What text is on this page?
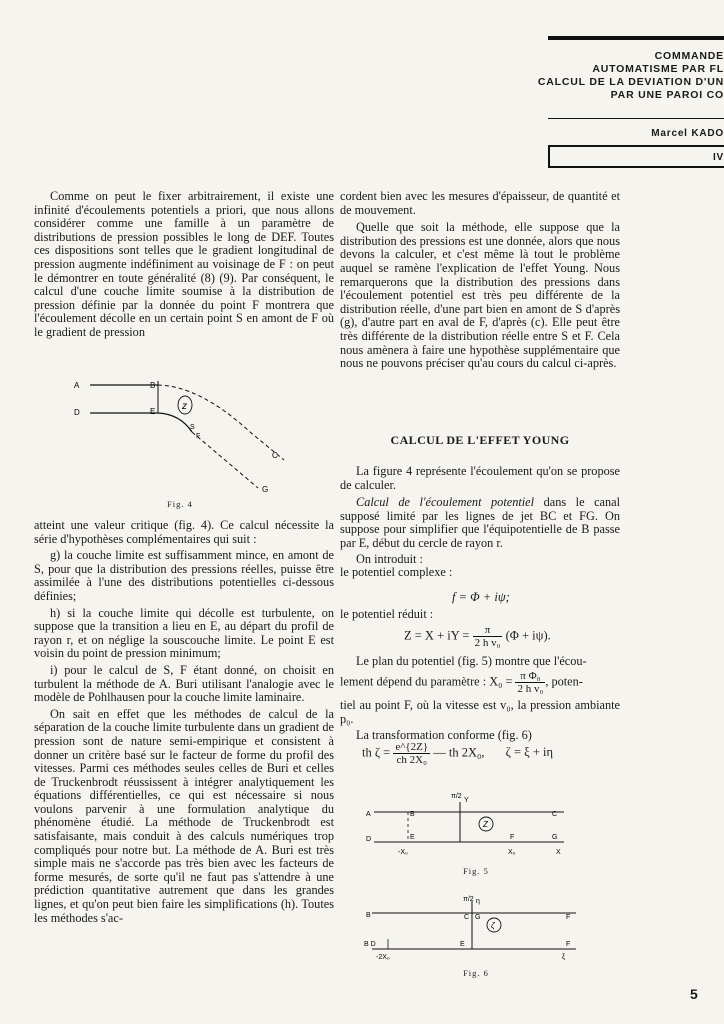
COMMANDE
AUTOMATISME PAR FL
CALCUL DE LA DEVIATION D'UN
PAR UNE PAROI CO
Marcel KADO
IV

Comme on peut le fixer arbitrairement, il existe une infinité d'écoulements potentiels a priori, que nous allons considérer comme une famille à un paramètre de distributions de pression possibles le long de DEF. Toutes ces dispositions sont telles que le gradient longitudinal de pression augmente indéfiniment au voisinage de F : on peut le démontrer en toute généralité (8) (9). Par conséquent, le calcul d'une couche limite soumise à la distribution de pression définie par la donnée du point F montrera que l'écoulement décolle en un certain point S en amont de F où le gradient de pression

A	B
D	E
S
F
C
G
z
Fig. 4

atteint une valeur critique (fig. 4). Ce calcul nécessite la série d'hypothèses complémentaires qui suit :

g) la couche limite est suffisamment mince, en amont de S, pour que la distribution des pressions réelles, puisse être assimilée à l'une des distributions potentielles ci-dessous définies;

h) si la couche limite qui décolle est turbulente, on suppose que la transition a lieu en E, au départ du profil de rayon r, et on néglige la souscouche limite. Le point E est voisin du point de pression minimum;

i) pour le calcul de S, F étant donné, on choisit en turbulent la méthode de A. Buri utilisant l'analogie avec le modèle de Pohlhausen pour la couche limite laminaire.

On sait en effet que les méthodes de calcul de la séparation de la couche limite turbulente dans un gradient de pression sont de nature semi-empirique et consistent à donner un critère basé sur le facteur de forme du profil des vitesses. Parmi ces méthodes seules celles de Buri et celles de Truckenbrodt réussissent à intégrer analytiquement les équations différentielles, ce qui est nécessaire si nous voulons parvenir à une formulation analytique du phénomène étudié. La méthode de Truckenbrodt est satisfaisante, mais conduit à des calculs numériques trop compliqués pour notre but. La méthode de A. Buri est très simple mais ne s'accorde pas très bien avec les facteurs de forme mesurés, de sorte qu'il ne faut pas s'attendre à une prédiction quantitative autrement que dans les grandes lignes, et qu'on peut bien faire les simplifications (h). Toutes les méthodes s'ac-

cordent bien avec les mesures d'épaisseur, de quantité et de mouvement.

Quelle que soit la méthode, elle suppose que la distribution des pressions est une donnée, alors que nous devons la calculer, et c'est même là tout le problème auquel se ramène l'explication de l'effet Young. Nous remarquerons que la distribution des pressions dans l'écoulement potentiel est très peu différente de la distribution réelle, d'une part bien en amont de S d'après (g), d'autre part en aval de F, d'après (c). Elle peut être très différente de la distribution réelle entre S et F. Cela nous amènera à faire une hypothèse supplémentaire que nous ne pouvons préciser qu'au cours du calcul ci-après.

CALCUL DE L'EFFET YOUNG

La figure 4 représente l'écoulement qu'on se propose de calculer.

Calcul de l'écoulement potentiel dans le canal supposé limité par les lignes de jet BC et FG. On suppose pour simplifier que l'équipotentielle de B passe par E, début du cercle de rayon r.

On introduit :

le potentiel complexe :

f = Φ + iψ;
le potentiel réduit :
Z = X + iY = $\frac{\pi}{\text{2 h v₀}} (\Phi + i\psi)$.

Le plan du potentiel (fig. 5) montre que l'écou-

lement dépend du paramètre : $X_0 = \frac{\text{π Φ₀}}{\text{2 h v₀}}$ , poten-

tiel au point F, où la vitesse est v₀, la pression ambiante p₀.

La transformation conforme (fig. 6)

th $\zeta = \frac{e\^{}\{2Z\}}{\text{ch 2X₀}}$ — th 2X₀, ζ = ξ + iη
π/2
Y
A	B	C
D	E	F	G
X
-X₀	X₀
Z
Fig. 5
π/2 η
B	C G	F
B D	E	F
-2X₀	ξ
ζ
Fig. 6
5
